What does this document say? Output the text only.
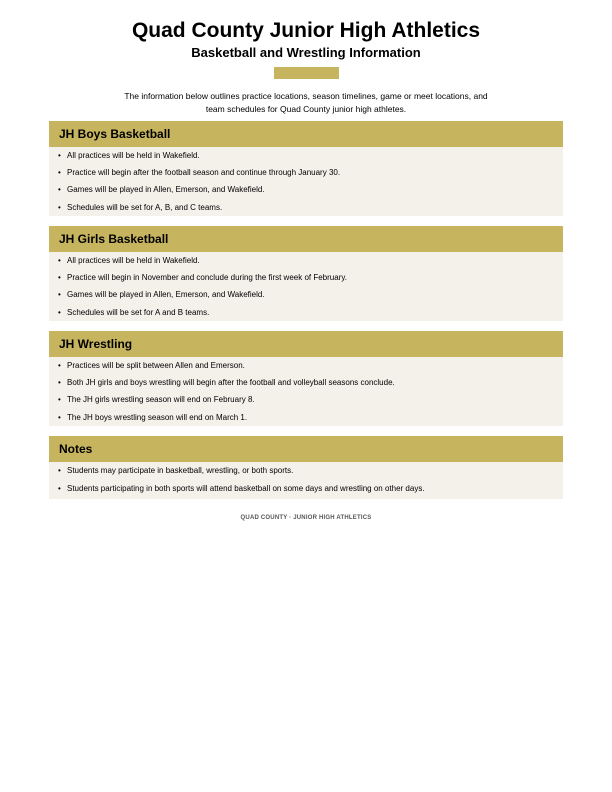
Quad County Junior High Athletics
Basketball and Wrestling Information
The information below outlines practice locations, season timelines, game or meet locations, and
team schedules for Quad County junior high athletes.
JH Boys Basketball
• All practices will be held in Wakefield.
• Practice will begin after the football season and continue through January 30.
• Games will be played in Allen, Emerson, and Wakefield.
• Schedules will be set for A, B, and C teams.
JH Girls Basketball
• All practices will be held in Wakefield.
• Practice will begin in November and conclude during the first week of February.
• Games will be played in Allen, Emerson, and Wakefield.
• Schedules will be set for A and B teams.
JH Wrestling
• Practices will be split between Allen and Emerson.
• Both JH girls and boys wrestling will begin after the football and volleyball seasons conclude.
• The JH girls wrestling season will end on February 8.
• The JH boys wrestling season will end on March 1.
Notes
• Students may participate in basketball, wrestling, or both sports.
• Students participating in both sports will attend basketball on some days and wrestling on other days.
QUAD COUNTY · JUNIOR HIGH ATHLETICS
